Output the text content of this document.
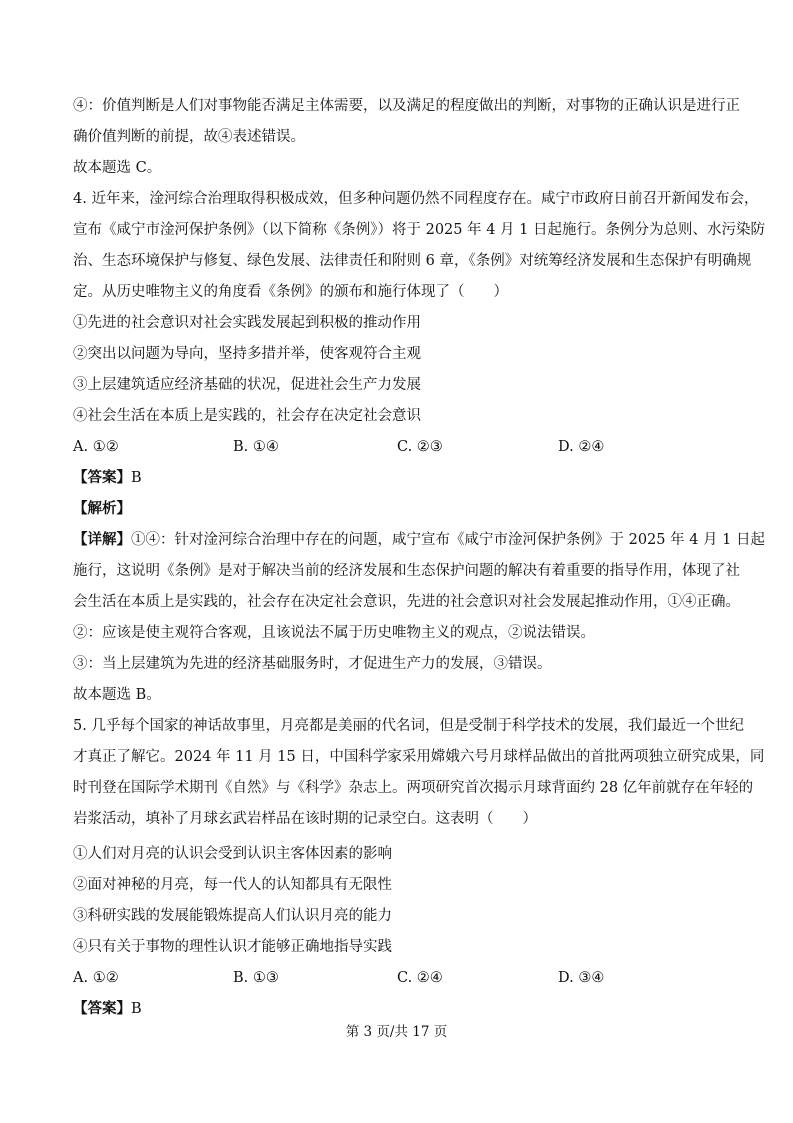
④：价值判断是人们对事物能否满足主体需要，以及满足的程度做出的判断，对事物的正确认识是进行正
确价值判断的前提，故④表述错误。
故本题选 C。
4. 近年来，淦河综合治理取得积极成效，但多种问题仍然不同程度存在。咸宁市政府日前召开新闻发布会，
宣布《咸宁市淦河保护条例》（以下简称《条例》）将于 2025 年 4 月 1 日起施行。条例分为总则、水污染防
治、生态环境保护与修复、绿色发展、法律责任和附则 6 章，《条例》对统筹经济发展和生态保护有明确规
定。从历史唯物主义的角度看《条例》的颁布和施行体现了（　　）
①先进的社会意识对社会实践发展起到积极的推动作用
②突出以问题为导向，坚持多措并举，使客观符合主观
③上层建筑适应经济基础的状况，促进社会生产力发展
④社会生活在本质上是实践的，社会存在决定社会意识
A. ①②	B. ①④	C. ②③	D. ②④
【答案】B
【解析】
【详解】①④：针对淦河综合治理中存在的问题，咸宁宣布《咸宁市淦河保护条例》于 2025 年 4 月 1 日起
施行，这说明《条例》是对于解决当前的经济发展和生态保护问题的解决有着重要的指导作用，体现了社
会生活在本质上是实践的，社会存在决定社会意识，先进的社会意识对社会发展起推动作用，①④正确。
②：应该是使主观符合客观，且该说法不属于历史唯物主义的观点，②说法错误。
③：当上层建筑为先进的经济基础服务时，才促进生产力的发展，③错误。
故本题选 B。
5. 几乎每个国家的神话故事里，月亮都是美丽的代名词，但是受制于科学技术的发展，我们最近一个世纪
才真正了解它。2024 年 11 月 15 日，中国科学家采用嫦娥六号月球样品做出的首批两项独立研究成果，同
时刊登在国际学术期刊《自然》与《科学》杂志上。两项研究首次揭示月球背面约 28 亿年前就存在年轻的
岩浆活动，填补了月球玄武岩样品在该时期的记录空白。这表明（　　）
①人们对月亮的认识会受到认识主客体因素的影响
②面对神秘的月亮，每一代人的认知都具有无限性
③科研实践的发展能锻炼提高人们认识月亮的能力
④只有关于事物的理性认识才能够正确地指导实践
A. ①②	B. ①③	C. ②④	D. ③④
【答案】B
第 3 页/共 17 页
